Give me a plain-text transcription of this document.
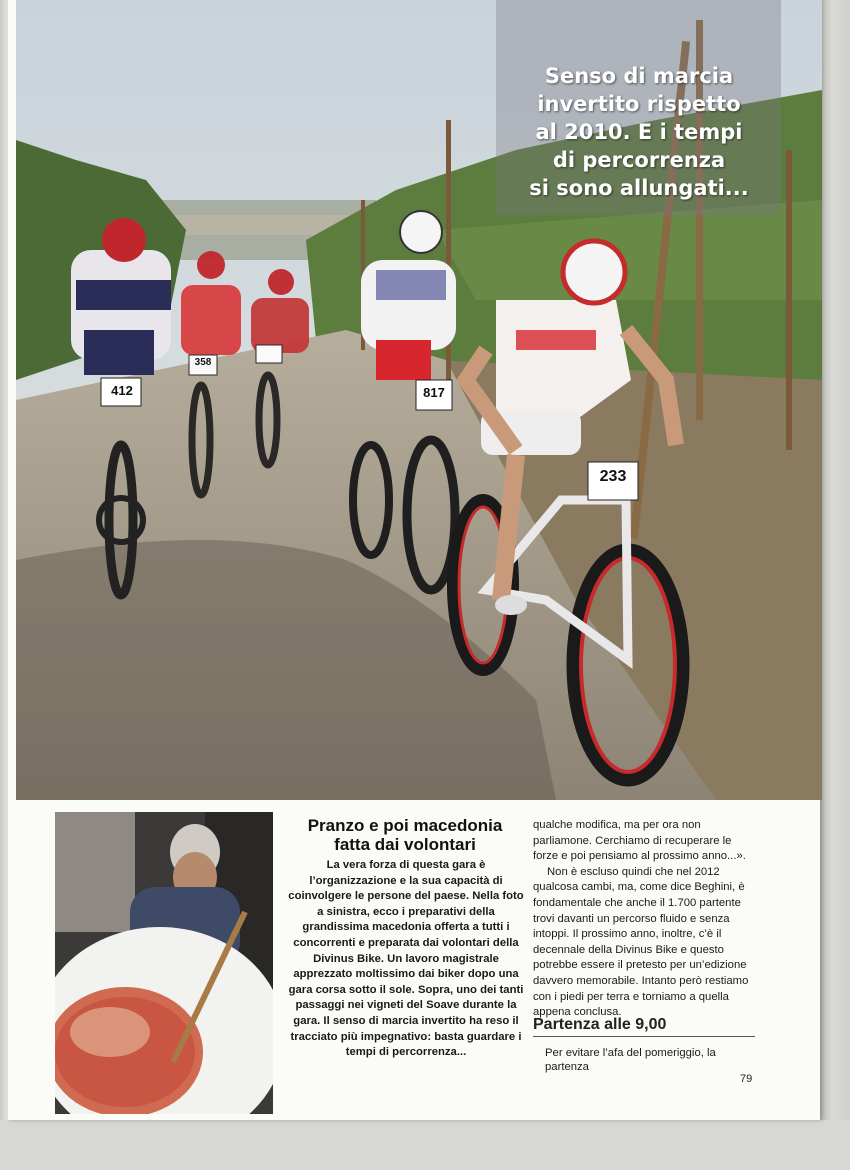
412
358
817
233
Senso di marcia
invertito rispetto
al 2010. E i tempi
di percorrenza
si sono allungati...
Pranzo e poi macedonia
fatta dai volontari
La vera forza di questa gara è l’organizzazione e la sua capacità di coinvolgere le persone del paese. Nella foto a sinistra, ecco i preparativi della grandissima macedonia offerta a tutti i concorrenti e preparata dai volontari della Divinus Bike. Un lavoro magistrale apprezzato moltissimo dai biker dopo una gara corsa sotto il sole. Sopra, uno dei tanti passaggi nei vigneti del Soave durante la gara. Il senso di marcia invertito ha reso il tracciato più impegnativo: basta guardare i tempi di percorrenza...

qualche modifica, ma per ora non parliamone. Cerchiamo di recuperare le forze e poi pensiamo al prossimo anno...».

Non è escluso quindi che nel 2012 qualcosa cambi, ma, come dice Beghini, è fondamentale che anche il 1.700 partente trovi davanti un percorso fluido e senza intoppi. Il prossimo anno, inoltre, c’è il decennale della Divinus Bike e questo potrebbe essere il pretesto per un’edizione davvero memorabile. Intanto però restiamo con i piedi per terra e torniamo a quella appena conclusa.

Partenza alle 9,00
Per evitare l’afa del pomeriggio, la partenza
79
